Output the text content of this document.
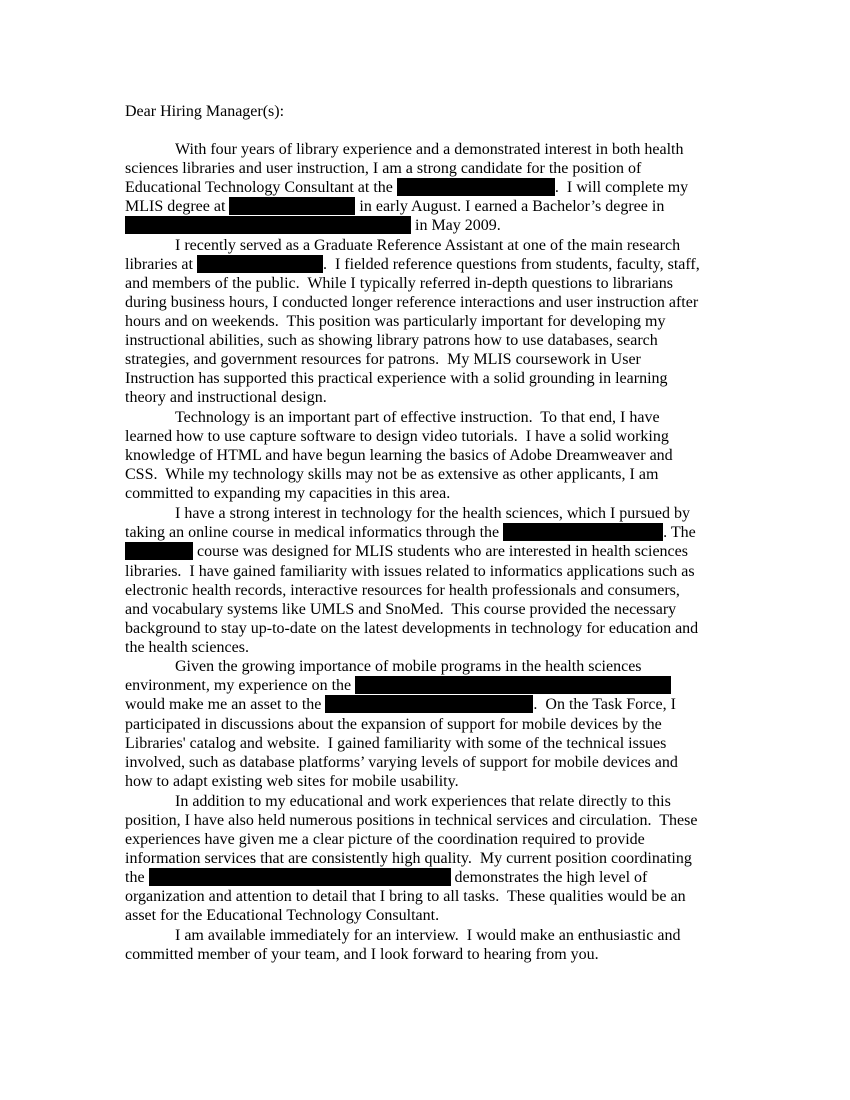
Dear Hiring Manager(s):
With four years of library experience and a demonstrated interest in both health
sciences libraries and user instruction, I am a strong candidate for the position of
Educational Technology Consultant at the	.  I will complete my
MLIS degree at	in early August. I earned a Bachelor’s degree in
in May 2009.
I recently served as a Graduate Reference Assistant at one of the main research
libraries at	.  I fielded reference questions from students, faculty, staff,
and members of the public.  While I typically referred in-depth questions to librarians
during business hours, I conducted longer reference interactions and user instruction after
hours and on weekends.  This position was particularly important for developing my
instructional abilities, such as showing library patrons how to use databases, search
strategies, and government resources for patrons.  My MLIS coursework in User
Instruction has supported this practical experience with a solid grounding in learning
theory and instructional design.
Technology is an important part of effective instruction.  To that end, I have
learned how to use capture software to design video tutorials.  I have a solid working
knowledge of HTML and have begun learning the basics of Adobe Dreamweaver and
CSS.  While my technology skills may not be as extensive as other applicants, I am
committed to expanding my capacities in this area.
I have a strong interest in technology for the health sciences, which I pursued by
taking an online course in medical informatics through the	. The
course was designed for MLIS students who are interested in health sciences
libraries.  I have gained familiarity with issues related to informatics applications such as
electronic health records, interactive resources for health professionals and consumers,
and vocabulary systems like UMLS and SnoMed.  This course provided the necessary
background to stay up-to-date on the latest developments in technology for education and
the health sciences.
Given the growing importance of mobile programs in the health sciences
environment, my experience on the
would make me an asset to the	.  On the Task Force, I
participated in discussions about the expansion of support for mobile devices by the
Libraries' catalog and website.  I gained familiarity with some of the technical issues
involved, such as database platforms’ varying levels of support for mobile devices and
how to adapt existing web sites for mobile usability.
In addition to my educational and work experiences that relate directly to this
position, I have also held numerous positions in technical services and circulation.  These
experiences have given me a clear picture of the coordination required to provide
information services that are consistently high quality.  My current position coordinating
the	demonstrates the high level of
organization and attention to detail that I bring to all tasks.  These qualities would be an
asset for the Educational Technology Consultant.
I am available immediately for an interview.  I would make an enthusiastic and
committed member of your team, and I look forward to hearing from you.
